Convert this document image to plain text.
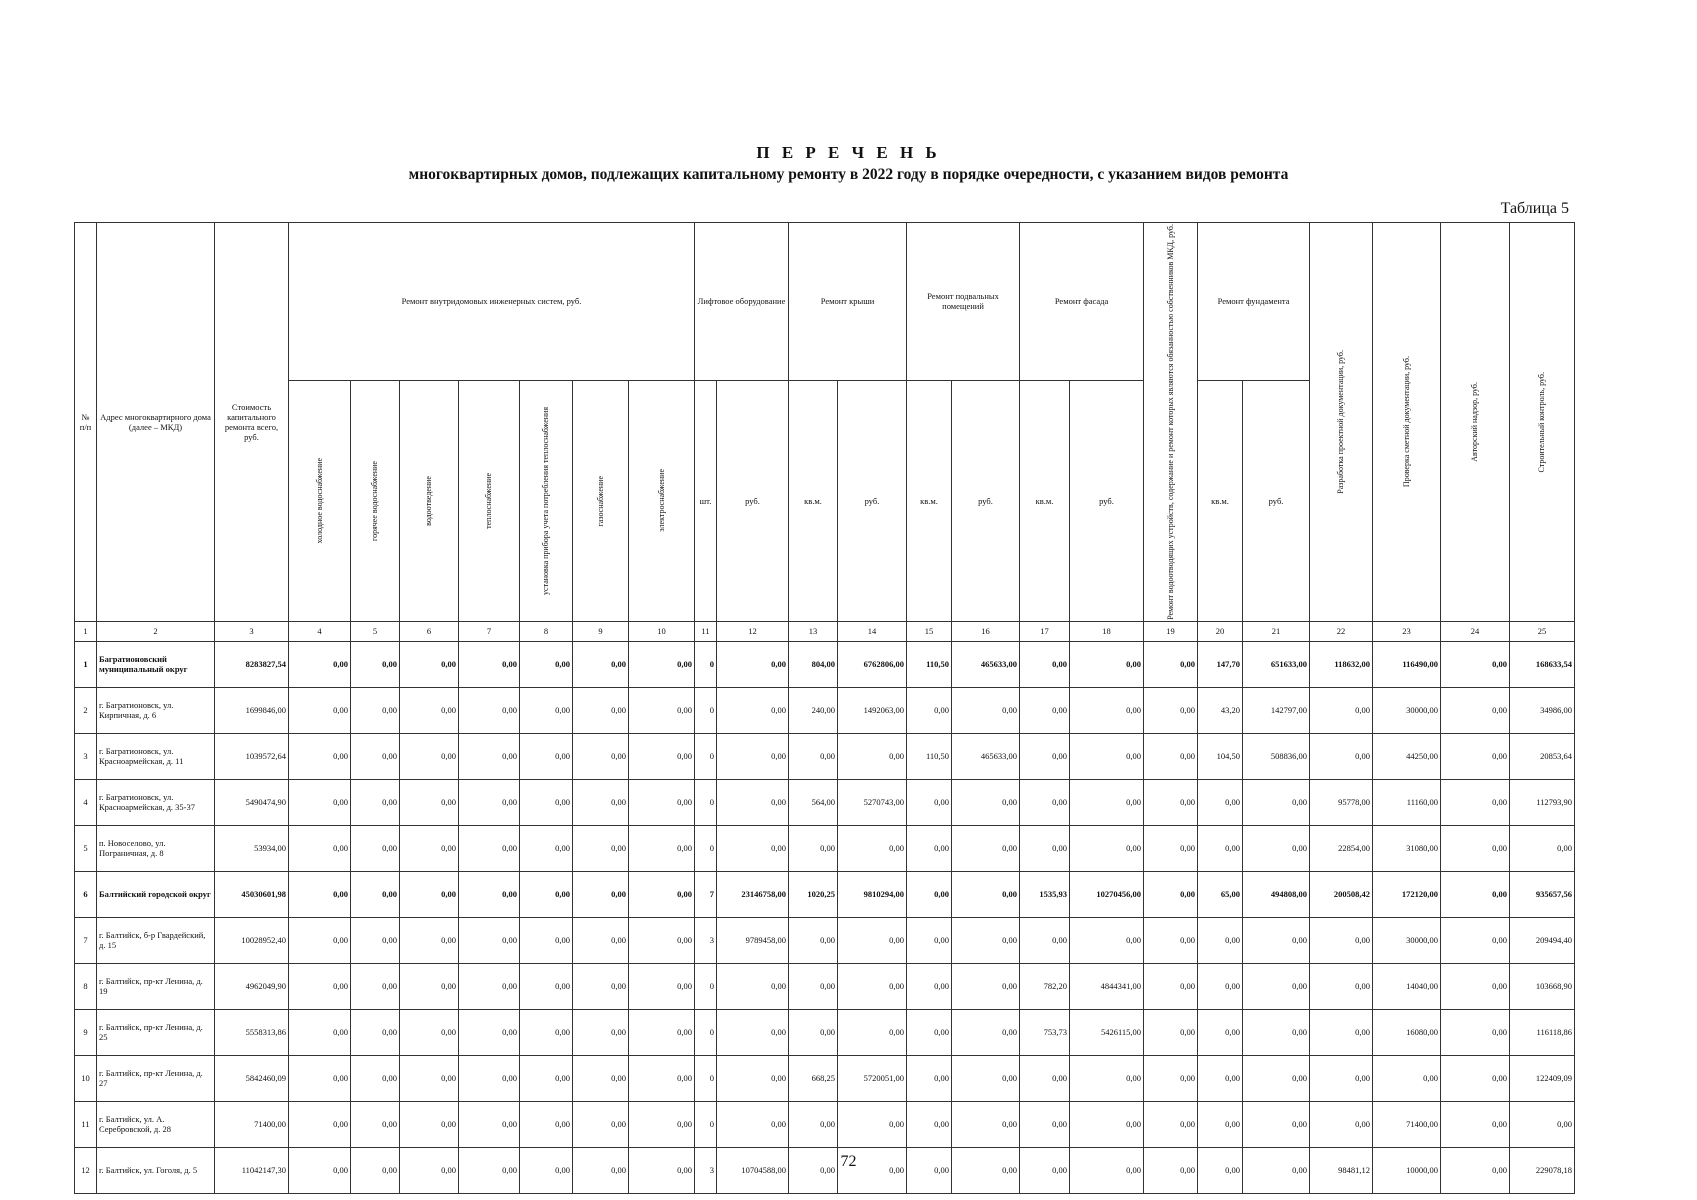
П Е Р Е Ч Е Н Ь
многоквартирных домов, подлежащих капитальному ремонту в 2022 году в порядке очередности, с указанием видов ремонта
Таблица 5
№ п/п	Адрес многоквартирного дома (далее – МКД)	Стоимость капитального ремонта всего, руб.	Ремонт внутридомовых инженерных систем, руб.							Лифтовое оборудование		Ремонт крыши		Ремонт подвальных помещений		Ремонт фасада		Ремонт водоотводящих устройств, содержание и ремонт которых являются обязанностью собственников МКД, руб.	Ремонт фундамента		Разработка проектной документации, руб.	Проверка сметной документации, руб.	Авторский надзор, руб.	Строительный контроль, руб.

			холодное водоснабжение	горячее водоснабжение	водоотведение	теплоснабжение	установка прибора учета потребления теплоснабжения	газоснабжение	электроснабжение	шт.	руб.	кв.м.	руб.	кв.м.	руб.	кв.м.	руб.		кв.м.	руб.				
1	2	3	4	5	6	7	8	9	10	11	12	13	14	15	16	17	18	19	20	21	22	23	24	25
1	Багратионовский муниципальный округ	8283827,54	0,00	0,00	0,00	0,00	0,00	0,00	0,00	0	0,00	804,00	6762806,00	110,50	465633,00	0,00	0,00	0,00	147,70	651633,00	118632,00	116490,00	0,00	168633,54
2	г. Багратионовск, ул. Кирпичная, д. 6	1699846,00	0,00	0,00	0,00	0,00	0,00	0,00	0,00	0	0,00	240,00	1492063,00	0,00	0,00	0,00	0,00	0,00	43,20	142797,00	0,00	30000,00	0,00	34986,00
3	г. Багратионовск, ул. Красноармейская, д. 11	1039572,64	0,00	0,00	0,00	0,00	0,00	0,00	0,00	0	0,00	0,00	0,00	110,50	465633,00	0,00	0,00	0,00	104,50	508836,00	0,00	44250,00	0,00	20853,64
4	г. Багратионовск, ул. Красноармейская, д. 35-37	5490474,90	0,00	0,00	0,00	0,00	0,00	0,00	0,00	0	0,00	564,00	5270743,00	0,00	0,00	0,00	0,00	0,00	0,00	0,00	95778,00	11160,00	0,00	112793,90
5	п. Новоселово, ул. Пограничная, д. 8	53934,00	0,00	0,00	0,00	0,00	0,00	0,00	0,00	0	0,00	0,00	0,00	0,00	0,00	0,00	0,00	0,00	0,00	0,00	22854,00	31080,00	0,00	0,00
6	Балтийский городской округ	45030601,98	0,00	0,00	0,00	0,00	0,00	0,00	0,00	7	23146758,00	1020,25	9810294,00	0,00	0,00	1535,93	10270456,00	0,00	65,00	494808,00	200508,42	172120,00	0,00	935657,56
7	г. Балтийск, б-р Гвардейский, д. 15	10028952,40	0,00	0,00	0,00	0,00	0,00	0,00	0,00	3	9789458,00	0,00	0,00	0,00	0,00	0,00	0,00	0,00	0,00	0,00	0,00	30000,00	0,00	209494,40
8	г. Балтийск, пр-кт Ленина, д. 19	4962049,90	0,00	0,00	0,00	0,00	0,00	0,00	0,00	0	0,00	0,00	0,00	0,00	0,00	782,20	4844341,00	0,00	0,00	0,00	0,00	14040,00	0,00	103668,90
9	г. Балтийск, пр-кт Ленина, д. 25	5558313,86	0,00	0,00	0,00	0,00	0,00	0,00	0,00	0	0,00	0,00	0,00	0,00	0,00	753,73	5426115,00	0,00	0,00	0,00	0,00	16080,00	0,00	116118,86
10	г. Балтийск, пр-кт Ленина, д. 27	5842460,09	0,00	0,00	0,00	0,00	0,00	0,00	0,00	0	0,00	668,25	5720051,00	0,00	0,00	0,00	0,00	0,00	0,00	0,00	0,00	0,00	0,00	122409,09
11	г. Балтийск, ул. А. Серебровской, д. 28	71400,00	0,00	0,00	0,00	0,00	0,00	0,00	0,00	0	0,00	0,00	0,00	0,00	0,00	0,00	0,00	0,00	0,00	0,00	0,00	71400,00	0,00	0,00
12	г. Балтийск, ул. Гоголя, д. 5	11042147,30	0,00	0,00	0,00	0,00	0,00	0,00	0,00	3	10704588,00	0,00	0,00	0,00	0,00	0,00	0,00	0,00	0,00	0,00	98481,12	10000,00	0,00	229078,18
72
